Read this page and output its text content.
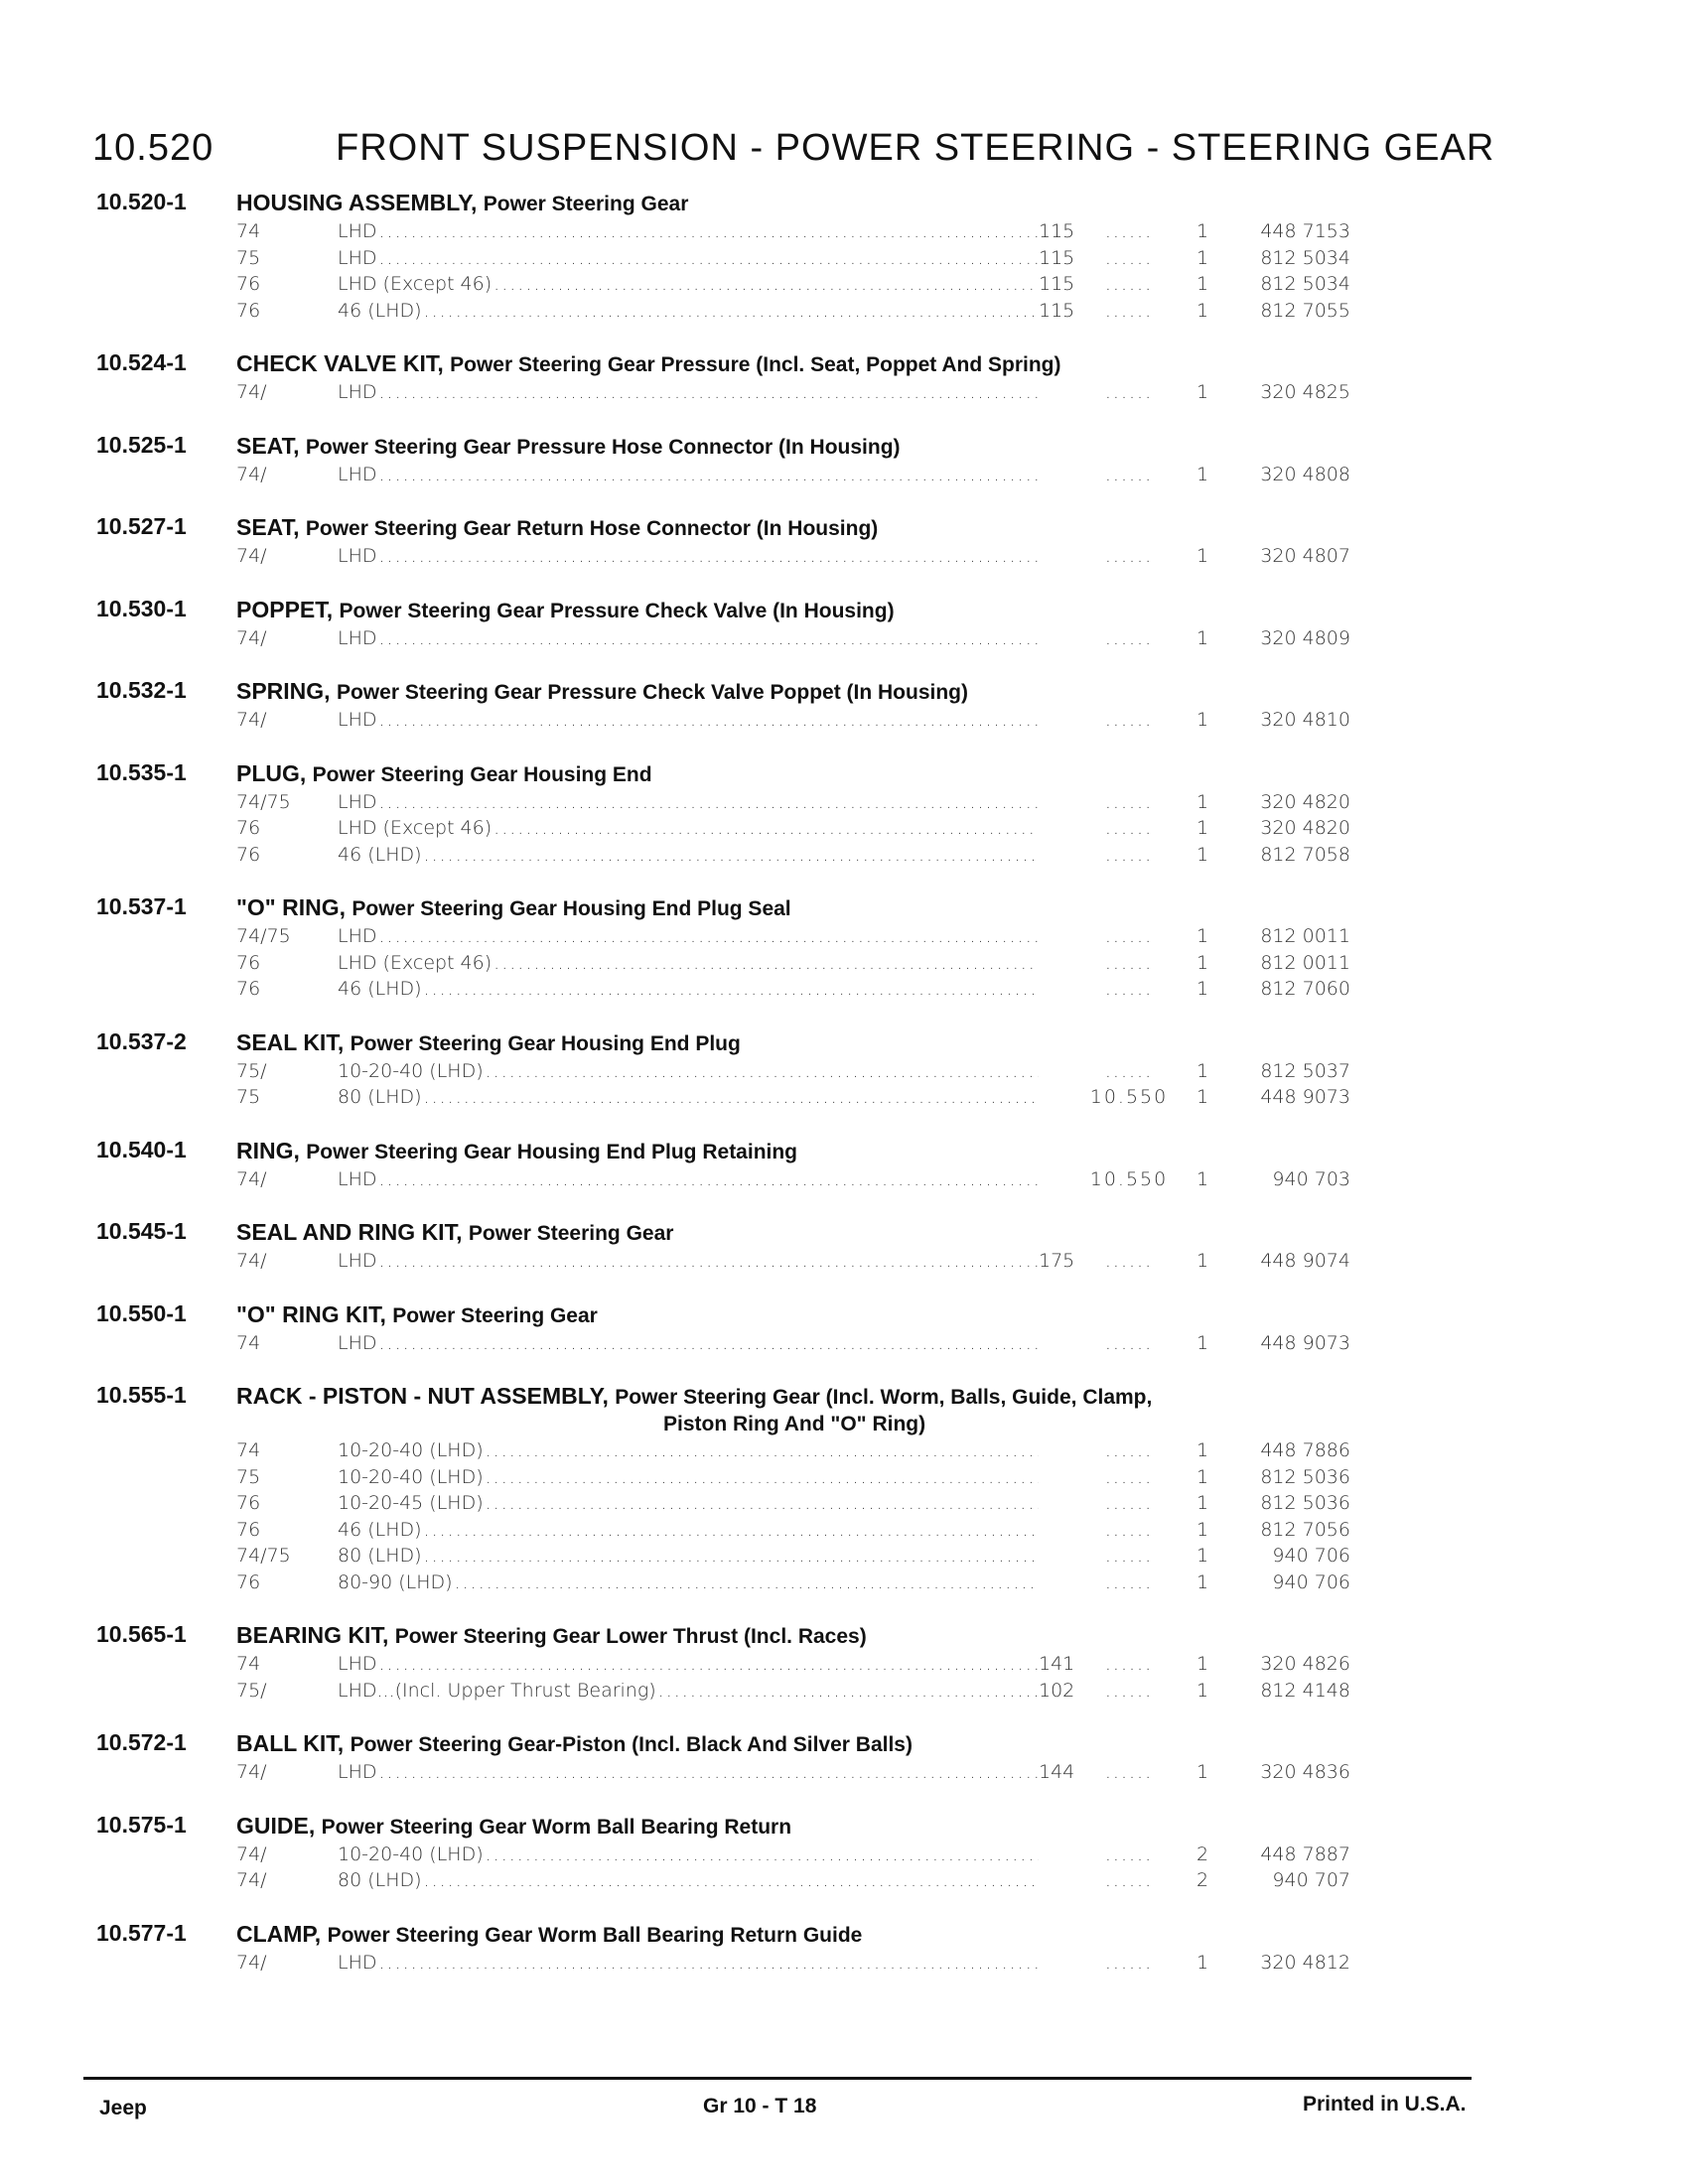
10.520	FRONT SUSPENSION - POWER STEERING - STEERING GEAR
10.520-1 HOUSING ASSEMBLY, Power Steering Gear
74	LHD .....	115	......	1	448 7153
75	LHD .....	115	......	1	812 5034
76	LHD (Except 46) .....	115	......	1	812 5034
76	46 (LHD) .....	115	......	1	812 7055
10.524-1 CHECK VALVE KIT, Power Steering Gear Pressure (Incl. Seat, Poppet And Spring)
74/	LHD .....	......	1	320 4825
10.525-1 SEAT, Power Steering Gear Pressure Hose Connector (In Housing)
74/	LHD .....	......	1	320 4808
10.527-1 SEAT, Power Steering Gear Return Hose Connector (In Housing)
74/	LHD .....	......	1	320 4807
10.530-1 POPPET, Power Steering Gear Pressure Check Valve (In Housing)
74/	LHD .....	......	1	320 4809
10.532-1 SPRING, Power Steering Gear Pressure Check Valve Poppet (In Housing)
74/	LHD .....	......	1	320 4810
10.535-1 PLUG, Power Steering Gear Housing End
74/75	LHD .....	......	1	320 4820
76	LHD (Except 46) .....	......	1	320 4820
76	46 (LHD) .....	......	1	812 7058
10.537-1 "O" RING, Power Steering Gear Housing End Plug Seal
74/75	LHD .....	......	1	812 0011
76	LHD (Except 46) .....	......	1	812 0011
76	46 (LHD) .....	......	1	812 7060
10.537-2 SEAL KIT, Power Steering Gear Housing End Plug
75/	10-20-40 (LHD) .....	......	1	812 5037
75	80 (LHD) .....	10.550	1	448 9073
10.540-1 RING, Power Steering Gear Housing End Plug Retaining
74/	LHD .....	10.550	1	940 703
10.545-1 SEAL AND RING KIT, Power Steering Gear
74/	LHD .....	175	......	1	448 9074
10.550-1 "O" RING KIT, Power Steering Gear
74	LHD .....	......	1	448 9073
10.555-1 RACK - PISTON - NUT ASSEMBLY, Power Steering Gear (Incl. Worm, Balls, Guide, Clamp,
Piston Ring And "O" Ring)
74	10-20-40 (LHD) .....	......	1	448 7886
75	10-20-40 (LHD) .....	......	1	812 5036
76	10-20-45 (LHD) .....	......	1	812 5036
76	46 (LHD) .....	......	1	812 7056
74/75	80 (LHD) .....	......	1	940 706
76	80-90 (LHD) .....	......	1	940 706
10.565-1 BEARING KIT, Power Steering Gear Lower Thrust (Incl. Races)
74	LHD .....	141	......	1	320 4826
75/	LHD...(Incl. Upper Thrust Bearing) .....	102	......	1	812 4148
10.572-1 BALL KIT, Power Steering Gear-Piston (Incl. Black And Silver Balls)
74/	LHD .....	144	......	1	320 4836
10.575-1 GUIDE, Power Steering Gear Worm Ball Bearing Return
74/	10-20-40 (LHD) .....	......	2	448 7887
74/	80 (LHD) .....	......	2	940 707
10.577-1 CLAMP, Power Steering Gear Worm Ball Bearing Return Guide
74/	LHD .....	......	1	320 4812
Jeep	Gr 10 - T 18	Printed in U.S.A.
